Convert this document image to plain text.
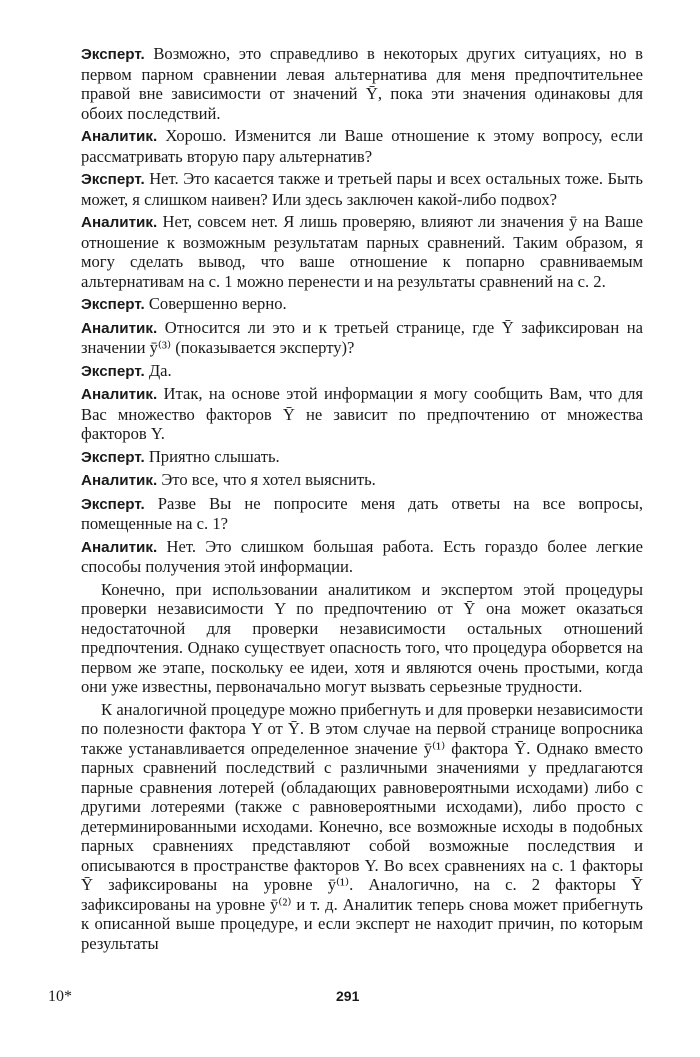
Эксперт. Возможно, это справедливо в некоторых других ситуациях, но в первом парном сравнении левая альтернатива для меня предпочтительнее правой вне зависимости от значений Ȳ, пока эти значения одинаковы для обоих последствий.

Аналитик. Хорошо. Изменится ли Ваше отношение к этому вопросу, если рассматривать вторую пару альтернатив?

Эксперт. Нет. Это касается также и третьей пары и всех остальных тоже. Быть может, я слишком наивен? Или здесь заключен какой-либо подвох?

Аналитик. Нет, совсем нет. Я лишь проверяю, влияют ли значения ȳ на Ваше отношение к возможным результатам парных сравнений. Таким образом, я могу сделать вывод, что ваше отношение к попарно сравниваемым альтернативам на с. 1 можно перенести и на результаты сравнений на с. 2.

Эксперт. Совершенно верно.

Аналитик. Относится ли это и к третьей странице, где Ȳ зафиксирован на значении ȳ⁽³⁾ (показывается эксперту)?

Эксперт. Да.

Аналитик. Итак, на основе этой информации я могу сообщить Вам, что для Вас множество факторов Ȳ не зависит по предпочтению от множества факторов Y.

Эксперт. Приятно слышать.

Аналитик. Это все, что я хотел выяснить.

Эксперт. Разве Вы не попросите меня дать ответы на все вопросы, помещенные на с. 1?

Аналитик. Нет. Это слишком большая работа. Есть гораздо более легкие способы получения этой информации.

Конечно, при использовании аналитиком и экспертом этой процедуры проверки независимости Y по предпочтению от Ȳ она может оказаться недостаточной для проверки независимости остальных отношений предпочтения. Однако существует опасность того, что процедура оборвется на первом же этапе, поскольку ее идеи, хотя и являются очень простыми, когда они уже известны, первоначально могут вызвать серьезные трудности.

К аналогичной процедуре можно прибегнуть и для проверки независимости по полезности фактора Y от Ȳ. В этом случае на первой странице вопросника также устанавливается определенное значение ȳ⁽¹⁾ фактора Ȳ. Однако вместо парных сравнений последствий с различными значениями y предлагаются парные сравнения лотерей (обладающих равновероятными исходами) либо с другими лотереями (также с равновероятными исходами), либо просто с детерминированными исходами. Конечно, все возможные исходы в подобных парных сравнениях представляют собой возможные последствия и описываются в пространстве факторов Y. Во всех сравнениях на с. 1 факторы Ȳ зафиксированы на уровне ȳ⁽¹⁾. Аналогично, на с. 2 факторы Ȳ зафиксированы на уровне ȳ⁽²⁾ и т. д. Аналитик теперь снова может прибегнуть к описанной выше процедуре, и если эксперт не находит причин, по которым результаты

10*	291
